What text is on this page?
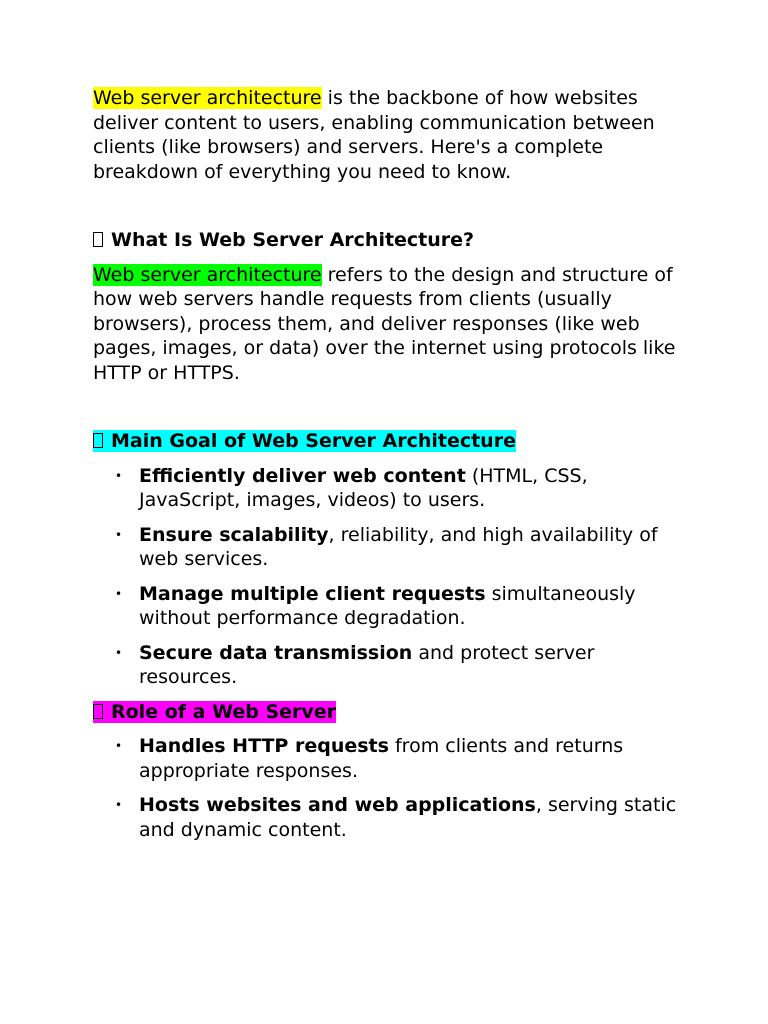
Web server architecture is the backbone of how websites deliver content to users, enabling communication between clients (like browsers) and servers. Here's a complete breakdown of everything you need to know.

What Is Web Server Architecture?

Web server architecture refers to the design and structure of how web servers handle requests from clients (usually browsers), process them, and deliver responses (like web pages, images, or data) over the internet using protocols like HTTP or HTTPS.

Main Goal of Web Server Architecture

• Efficiently deliver web content (HTML, CSS, JavaScript, images, videos) to users.
• Ensure scalability, reliability, and high availability of web services.
• Manage multiple client requests simultaneously without performance degradation.
• Secure data transmission and protect server resources.

Role of a Web Server

• Handles HTTP requests from clients and returns appropriate responses.
• Hosts websites and web applications, serving static and dynamic content.
